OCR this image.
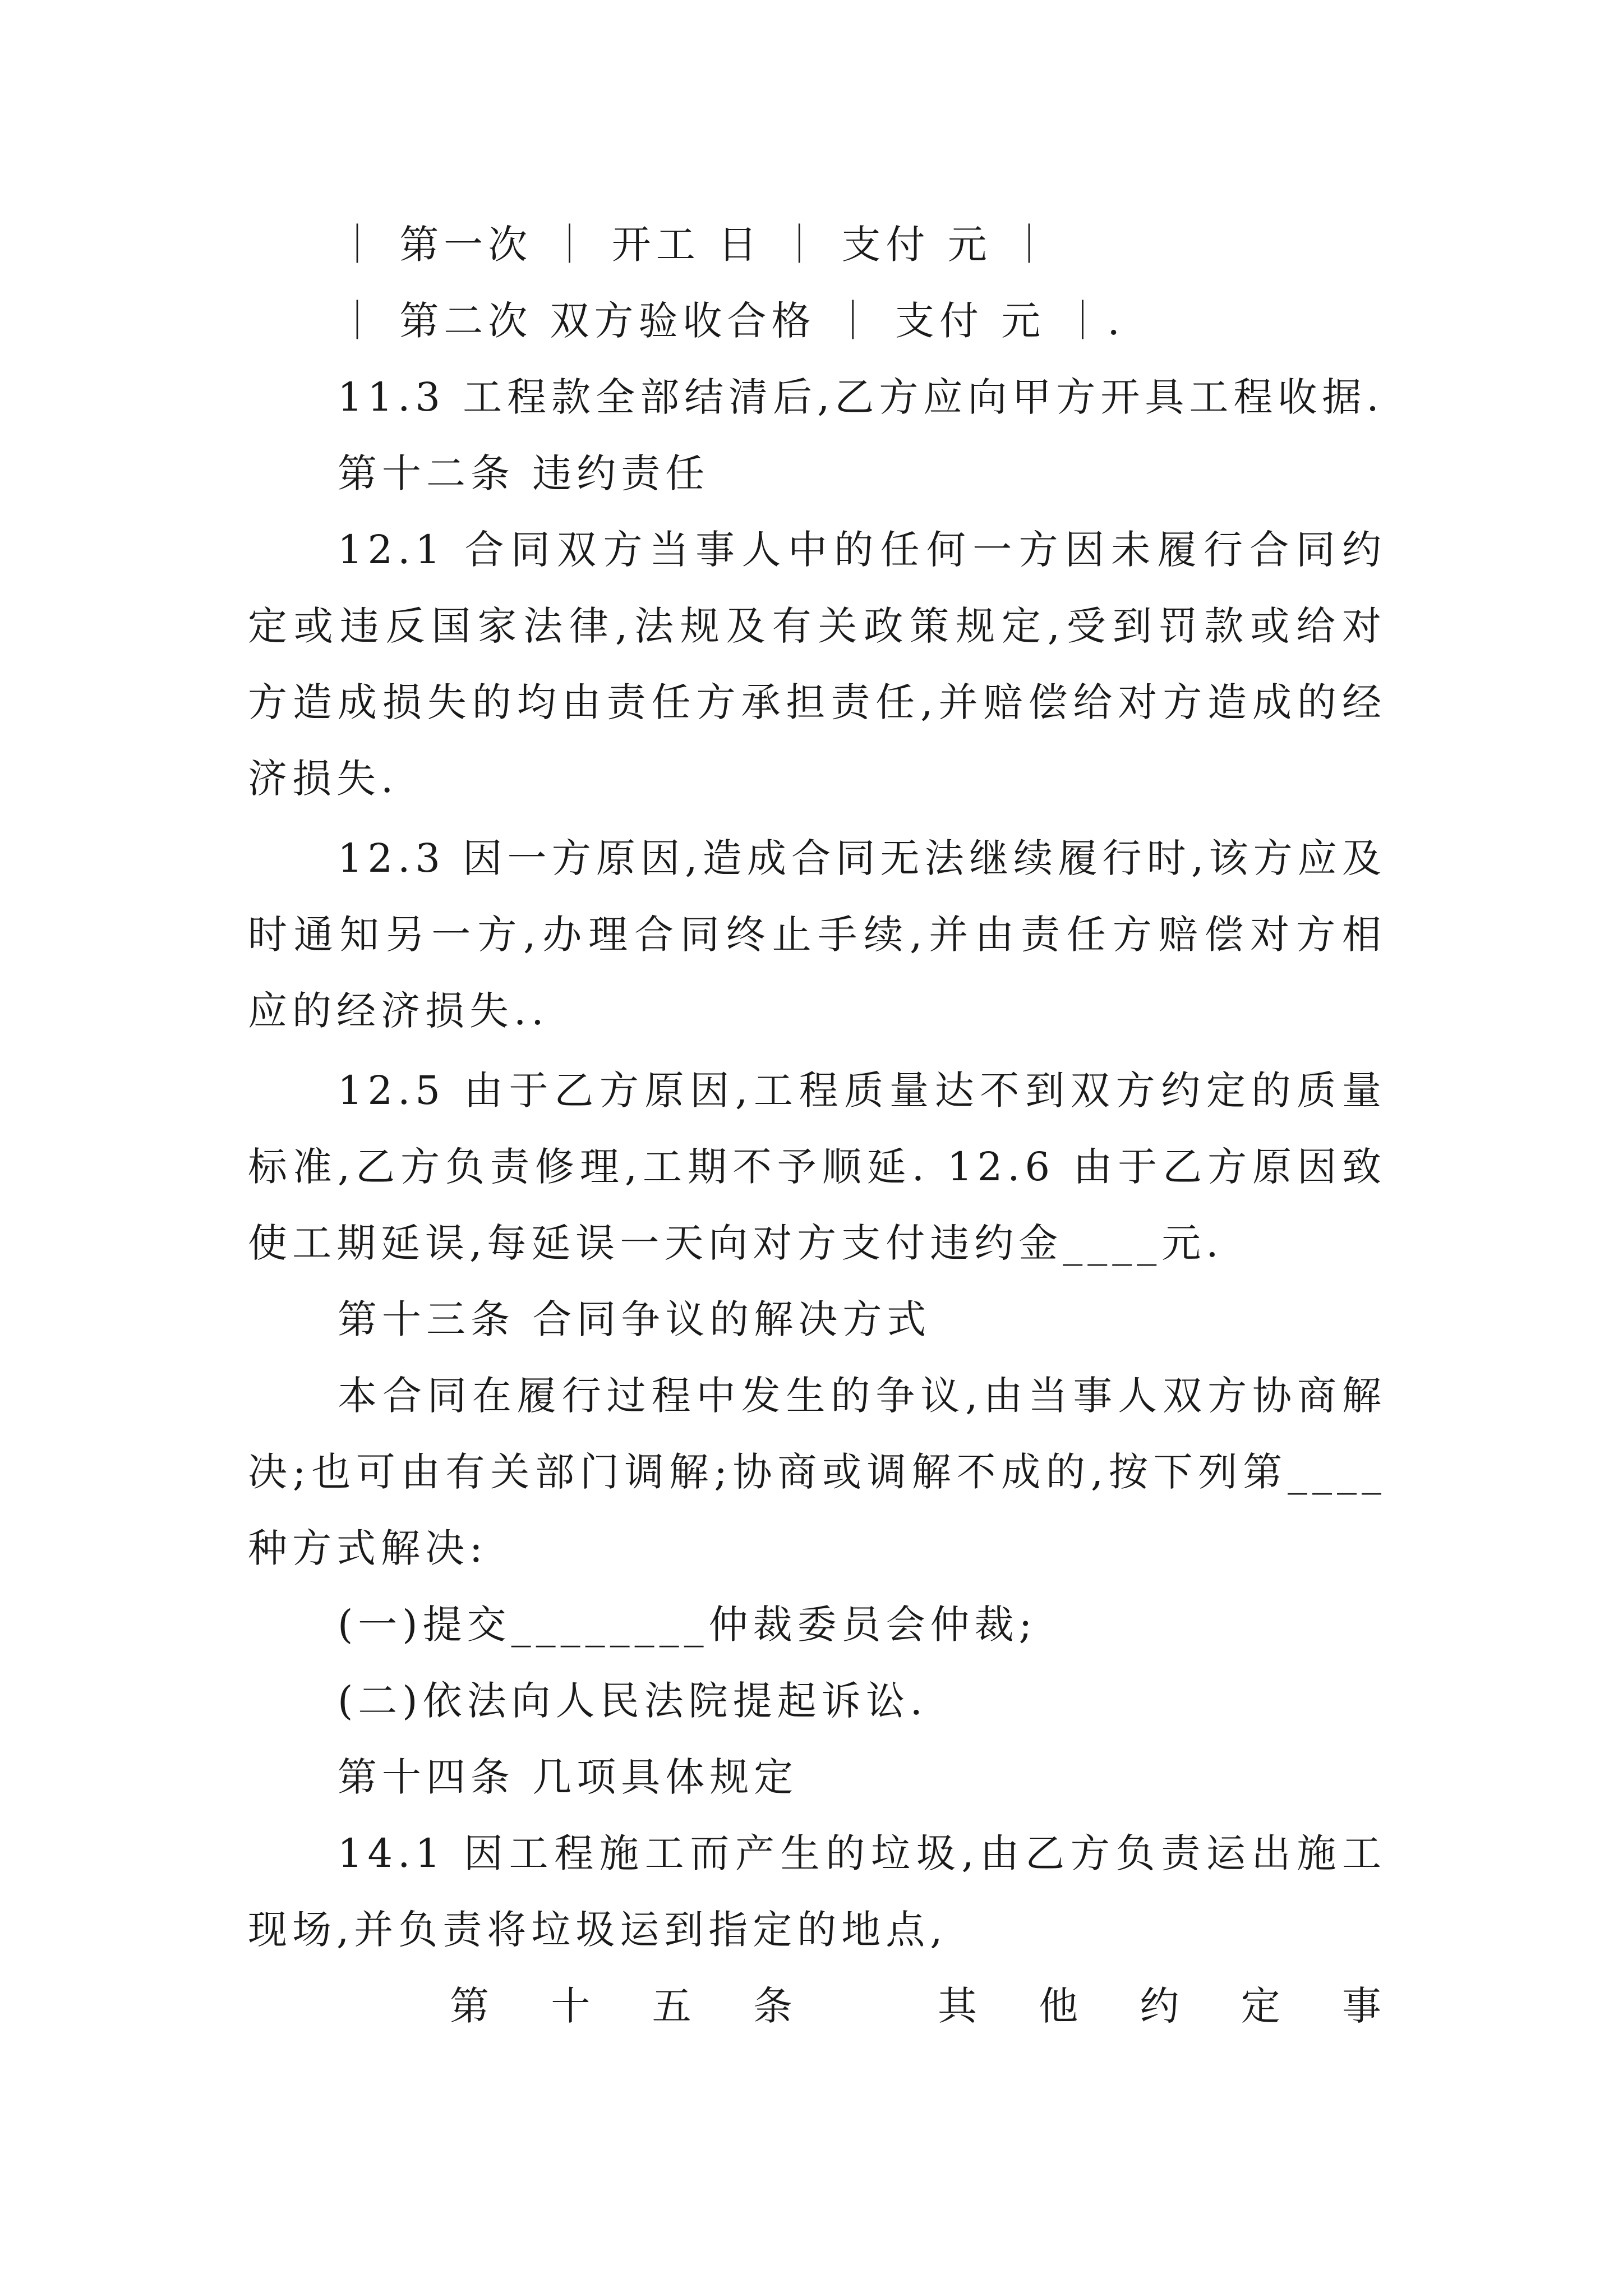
｜ 第一次 ｜ 开工 日 ｜ 支付 元 ｜
｜ 第二次 双方验收合格 ｜ 支付 元 ｜.
11.3 工程款全部结清后,乙方应向甲方开具工程收据.
第十二条 违约责任
12.1 合同双方当事人中的任何一方因未履行合同约定或违反国家法律,法规及有关政策规定,受到罚款或给对方造成损失的均由责任方承担责任,并赔偿给对方造成的经济损失.
12.3 因一方原因,造成合同无法继续履行时,该方应及时通知另一方,办理合同终止手续,并由责任方赔偿对方相应的经济损失..
12.5 由于乙方原因,工程质量达不到双方约定的质量标准,乙方负责修理,工期不予顺延. 12.6 由于乙方原因致使工期延误,每延误一天向对方支付违约金____元.
第十三条 合同争议的解决方式
本合同在履行过程中发生的争议,由当事人双方协商解决;也可由有关部门调解;协商或调解不成的,按下列第____种方式解决:
(一)提交________仲裁委员会仲裁;
(二)依法向人民法院提起诉讼.
第十四条 几项具体规定
14.1 因工程施工而产生的垃圾,由乙方负责运出施工现场,并负责将垃圾运到指定的地点,
第 十 五 条	其 他 约 定 事
